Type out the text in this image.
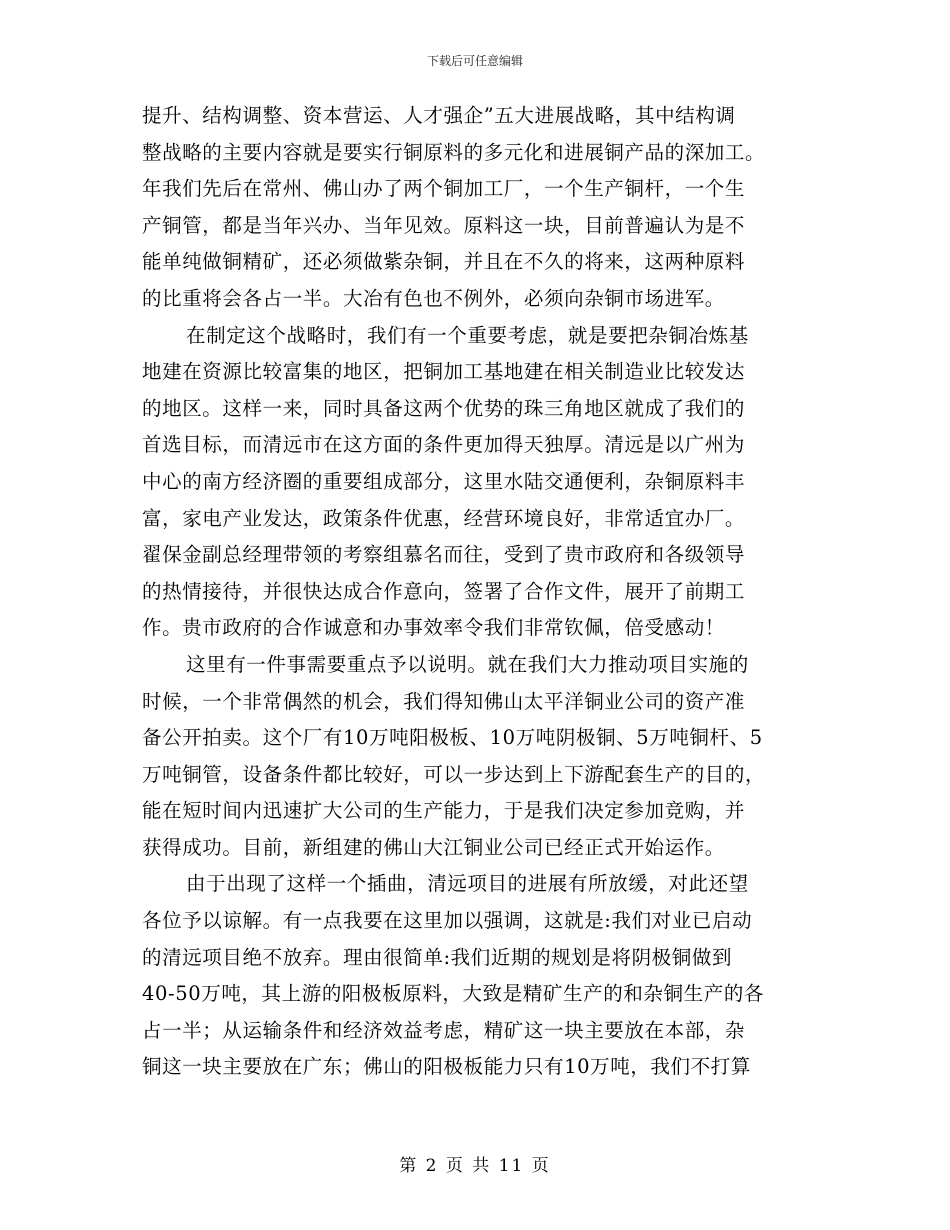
下载后可任意编辑
提升、结构调整、资本营运、人才强企”五大进展战略，其中结构调
整战略的主要内容就是要实行铜原料的多元化和进展铜产品的深加工。
年我们先后在常州、佛山办了两个铜加工厂，一个生产铜杆，一个生
产铜管，都是当年兴办、当年见效。原料这一块，目前普遍认为是不
能单纯做铜精矿，还必须做紫杂铜，并且在不久的将来，这两种原料
的比重将会各占一半。大冶有色也不例外，必须向杂铜市场进军。
在制定这个战略时，我们有一个重要考虑，就是要把杂铜冶炼基
地建在资源比较富集的地区，把铜加工基地建在相关制造业比较发达
的地区。这样一来，同时具备这两个优势的珠三角地区就成了我们的
首选目标，而清远市在这方面的条件更加得天独厚。清远是以广州为
中心的南方经济圈的重要组成部分，这里水陆交通便利，杂铜原料丰
富，家电产业发达，政策条件优惠，经营环境良好，非常适宜办厂。
翟保金副总经理带领的考察组慕名而往，受到了贵市政府和各级领导
的热情接待，并很快达成合作意向，签署了合作文件，展开了前期工
作。贵市政府的合作诚意和办事效率令我们非常钦佩，倍受感动！
这里有一件事需要重点予以说明。就在我们大力推动项目实施的
时候，一个非常偶然的机会，我们得知佛山太平洋铜业公司的资产准
备公开拍卖。这个厂有10万吨阳极板、10万吨阴极铜、5万吨铜杆、5
万吨铜管，设备条件都比较好，可以一步达到上下游配套生产的目的，
能在短时间内迅速扩大公司的生产能力，于是我们决定参加竞购，并
获得成功。目前，新组建的佛山大江铜业公司已经正式开始运作。
由于出现了这样一个插曲，清远项目的进展有所放缓，对此还望
各位予以谅解。有一点我要在这里加以强调，这就是:我们对业已启动
的清远项目绝不放弃。理由很简单:我们近期的规划是将阴极铜做到
40-50万吨，其上游的阳极板原料，大致是精矿生产的和杂铜生产的各
占一半；从运输条件和经济效益考虑，精矿这一块主要放在本部，杂
铜这一块主要放在广东；佛山的阳极板能力只有10万吨，我们不打算
第 2 页 共 11 页
